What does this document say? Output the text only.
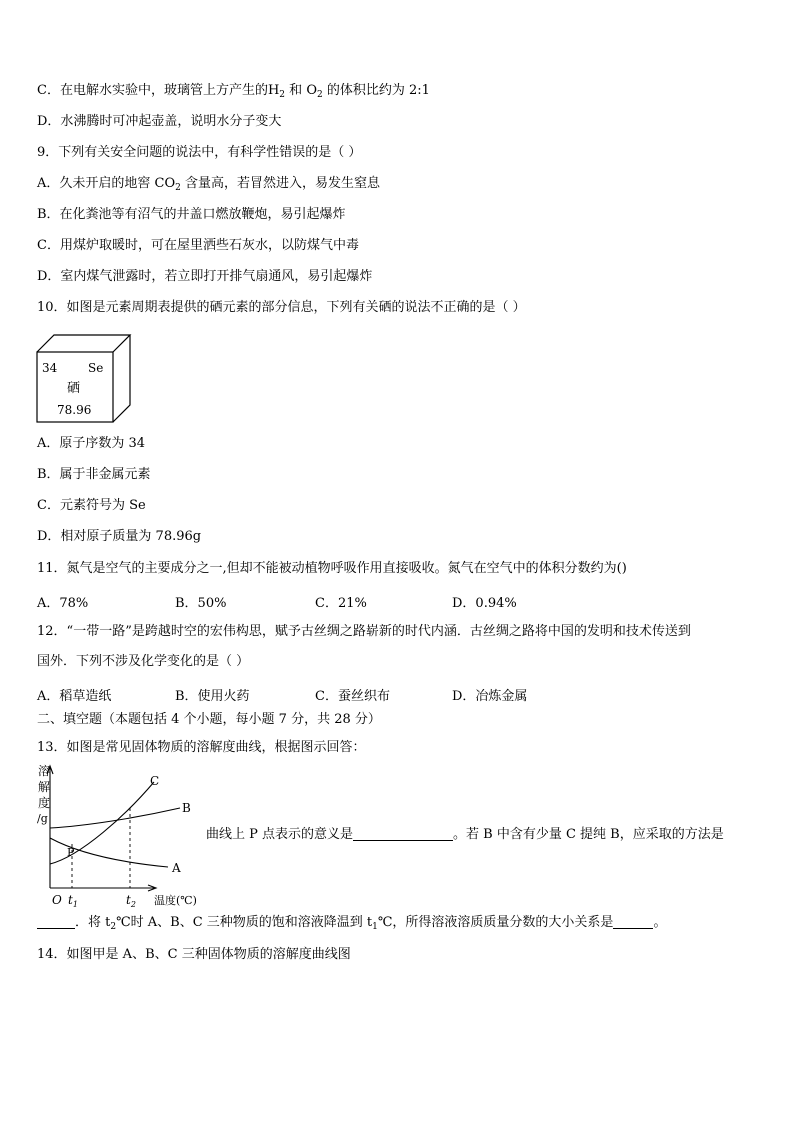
C．在电解水实验中，玻璃管上方产生的$H_2$ 和 $O_2$ 的体积比约为 2:1
D．水沸腾时可冲起壶盖，说明水分子变大
9．下列有关安全问题的说法中，有科学性错误的是（ ）
A．久未开启的地窖 $CO_2$ 含量高，若冒然进入，易发生窒息
B．在化粪池等有沼气的井盖口燃放鞭炮，易引起爆炸
C．用煤炉取暖时，可在屋里洒些石灰水，以防煤气中毒
D．室内煤气泄露时，若立即打开排气扇通风，易引起爆炸
10．如图是元素周期表提供的硒元素的部分信息，下列有关硒的说法不正确的是（ ）
34	Se
硒
78.96
A．原子序数为 34
B．属于非金属元素
C．元素符号为 Se
D．相对原子质量为 78.96g
11．氮气是空气的主要成分之一,但却不能被动植物呼吸作用直接吸收。氮气在空气中的体积分数约为()
A．78%	B．50%	C．21%	D．0.94%
12．“一带一路”是跨越时空的宏伟构思，赋予古丝绸之路崭新的时代内涵．古丝绸之路将中国的发明和技术传送到
国外．下列不涉及化学变化的是（ ）
A．稻草造纸	B．使用火药	C．蚕丝织布	D．冶炼金属
二、填空题（本题包括 4 个小题，每小题 7 分，共 28 分）
13．如图是常见固体物质的溶解度曲线，根据图示回答：
溶
解
度
/g
C
B
A
P
O $t_1$	$t_2$ 温度(℃)
曲线上 P 点表示的意义是	。若 B 中含有少量 C 提纯 B，应采取的方法是
．将 $t_2℃$时 A、B、C 三种物质的饱和溶液降温到 $t_1℃$，所得溶液溶质质量分数的大小关系是	。
14．如图甲是 A、B、C 三种固体物质的溶解度曲线图
